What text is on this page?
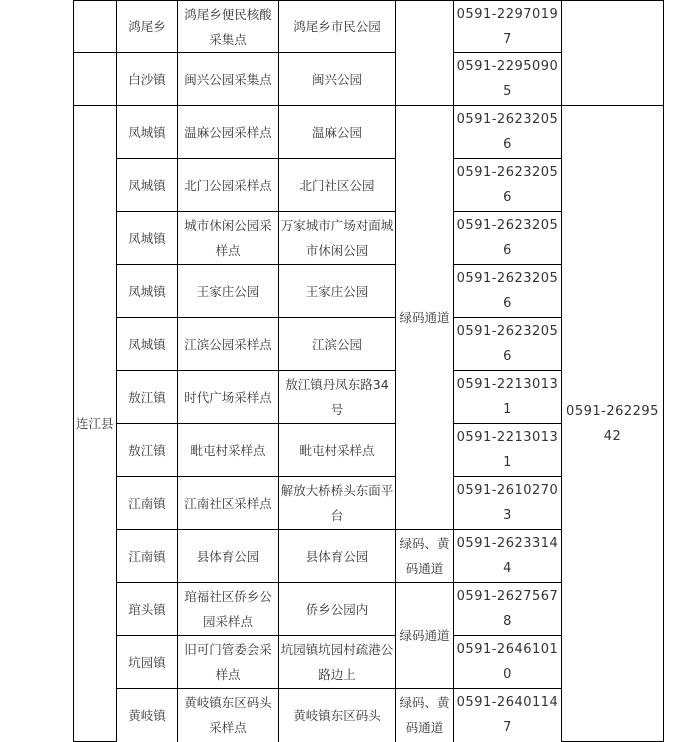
	鸿尾乡	鸿尾乡便民核酸采集点	鸿尾乡市民公园		0591-22970197	
	白沙镇	闽兴公园采集点	闽兴公园		0591-22950905	
连江县	凤城镇	温麻公园采样点	温麻公园	绿码通道	0591-26232056	0591-26229542
	凤城镇	北门公园采样点	北门社区公园		0591-26232056	
	凤城镇	城市休闲公园采样点	万家城市广场对面城市休闲公园		0591-26232056	
	凤城镇	王家庄公园	王家庄公园		0591-26232056	
	凤城镇	江滨公园采样点	江滨公园		0591-26232056	
	敖江镇	时代广场采样点	敖江镇丹凤东路34号		0591-22130131	
	敖江镇	毗屯村采样点	毗屯村采样点		0591-22130131	
	江南镇	江南社区采样点	解放大桥桥头东面平台		0591-26102703	
	江南镇	县体育公园	县体育公园	绿码、黄码通道	0591-26233144	
	琯头镇	琯福社区侨乡公园采样点	侨乡公园内	绿码通道	0591-26275678	
	坑园镇	旧可门管委会采样点	坑园镇坑园村疏港公路边上		0591-26461010	
	黄岐镇	黄岐镇东区码头采样点	黄岐镇东区码头	绿码、黄码通道	0591-26401147	
